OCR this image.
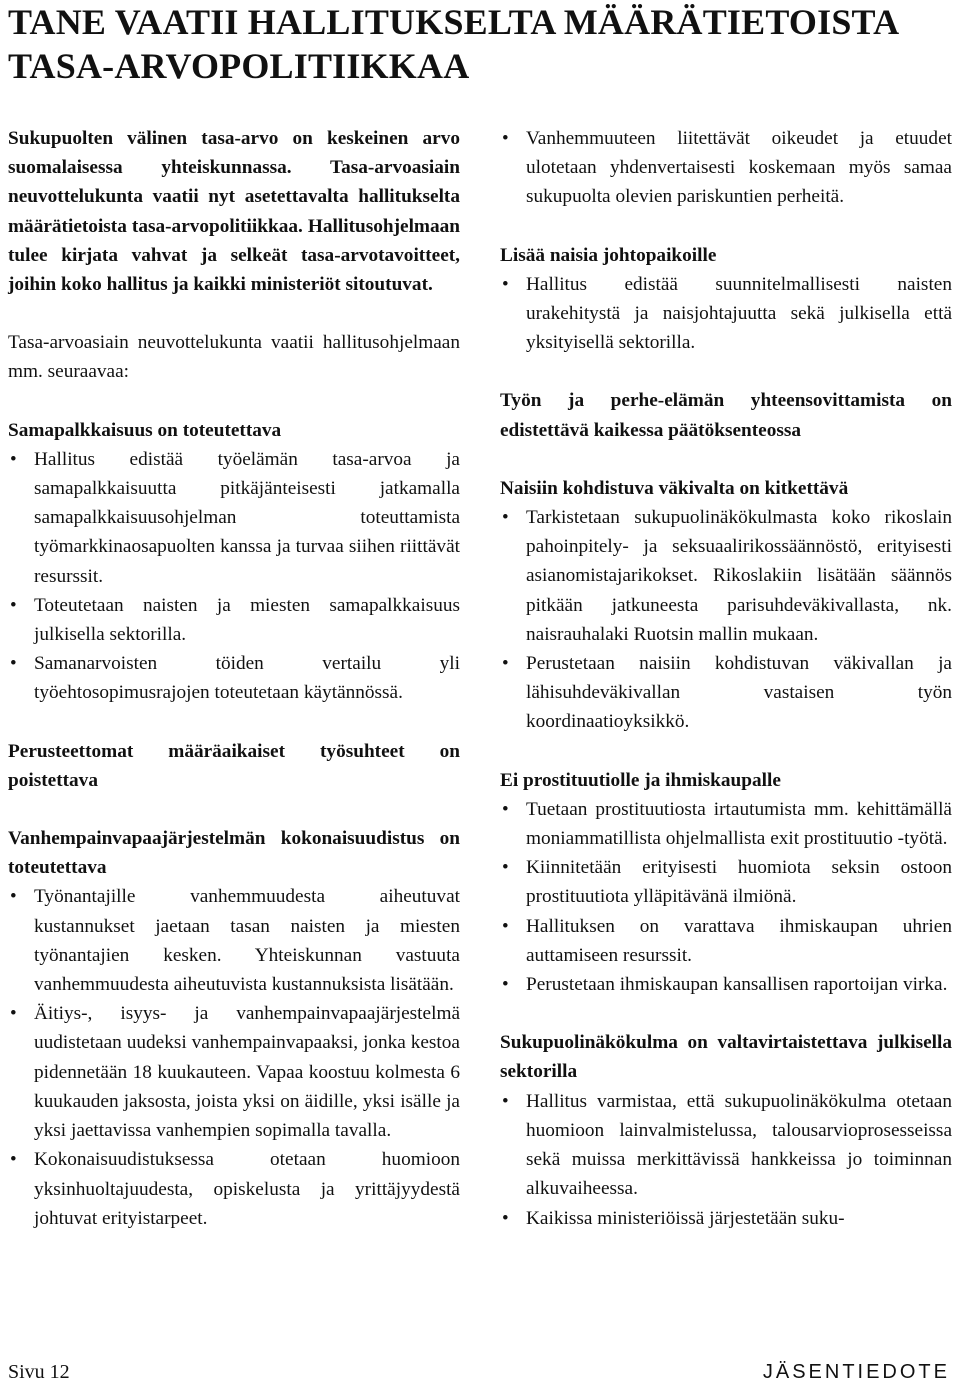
TANE VAATII HALLITUKSELTA MÄÄRÄTIETOISTA
TASA-ARVOPOLITIIKKAA

Sukupuolten välinen tasa-arvo on keskeinen arvo suomalaisessa yhteiskunnassa. Tasa-arvoasiain neuvottelukunta vaatii nyt asetettavalta hallitukselta määrätietoista tasa-arvopolitiikkaa. Hallitusohjelmaan tulee kirjata vahvat ja selkeät tasa-arvotavoitteet, joihin koko hallitus ja kaikki ministeriöt sitoutuvat.

Tasa-arvoasiain neuvottelukunta vaatii hallitusohjelmaan mm. seuraavaa:

Samapalkkaisuus on toteutettava
• Hallitus edistää työelämän tasa-arvoa ja samapalkkaisuutta pitkäjänteisesti jatkamalla samapalkkaisuusohjelman toteuttamista työmarkkinaosapuolten kanssa ja turvaa siihen riittävät resurssit.
• Toteutetaan naisten ja miesten samapalkkaisuus julkisella sektorilla.
• Samanarvoisten töiden vertailu yli työehtosopimusrajojen toteutetaan käytännössä.
Perusteettomat määräaikaiset työsuhteet on poistettava
Vanhempainvapaajärjestelmän kokonaisuudistus on toteutettava
• Työnantajille vanhemmuudesta aiheutuvat kustannukset jaetaan tasan naisten ja miesten työnantajien kesken. Yhteiskunnan vastuuta vanhemmuudesta aiheutuvista kustannuksista lisätään.
• Äitiys-, isyys- ja vanhempainvapaajärjestelmä uudistetaan uudeksi vanhempainvapaaksi, jonka kestoa pidennetään 18 kuukauteen. Vapaa koostuu kolmesta 6 kuukauden jaksosta, joista yksi on äidille, yksi isälle ja yksi jaettavissa vanhempien sopimalla tavalla.
• Kokonaisuudistuksessa otetaan huomioon yksinhuoltajuudesta, opiskelusta ja yrittäjyydestä johtuvat erityistarpeet.
• Vanhemmuuteen liitettävät oikeudet ja etuudet ulotetaan yhdenvertaisesti koskemaan myös samaa sukupuolta olevien pariskuntien perheitä.
Lisää naisia johtopaikoille
• Hallitus edistää suunnitelmallisesti naisten urakehitystä ja naisjohtajuutta sekä julkisella että yksityisellä sektorilla.
Työn ja perhe-elämän yhteensovittamista on edistettävä kaikessa päätöksenteossa
Naisiin kohdistuva väkivalta on kitkettävä
• Tarkistetaan sukupuolinäkökulmasta koko rikoslain pahoinpitely- ja seksuaalirikossäännöstö, erityisesti asianomistajarikokset. Rikoslakiin lisätään säännös pitkään jatkuneesta parisuhdeväkivallasta, nk. naisrauhalaki Ruotsin mallin mukaan.
• Perustetaan naisiin kohdistuvan väkivallan ja lähisuhdeväkivallan vastaisen työn koordinaatioyksikkö.
Ei prostituutiolle ja ihmiskaupalle
• Tuetaan prostituutiosta irtautumista mm. kehittämällä moniammatillista ohjelmallista exit prostituutio -työtä.
• Kiinnitetään erityisesti huomiota seksin ostoon prostituutiota ylläpitävänä ilmiönä.
• Hallituksen on varattava ihmiskaupan uhrien auttamiseen resurssit.
• Perustetaan ihmiskaupan kansallisen raportoijan virka.
Sukupuolinäkökulma on valtavirtaistettava julkisella sektorilla
• Hallitus varmistaa, että sukupuolinäkökulma otetaan huomioon lainvalmistelussa, talousarvioprosesseissa sekä muissa merkittävissä hankkeissa jo toiminnan alkuvaiheessa.
• Kaikissa ministeriöissä järjestetään suku-
Sivu 12	JÄSENTIEDOTE
